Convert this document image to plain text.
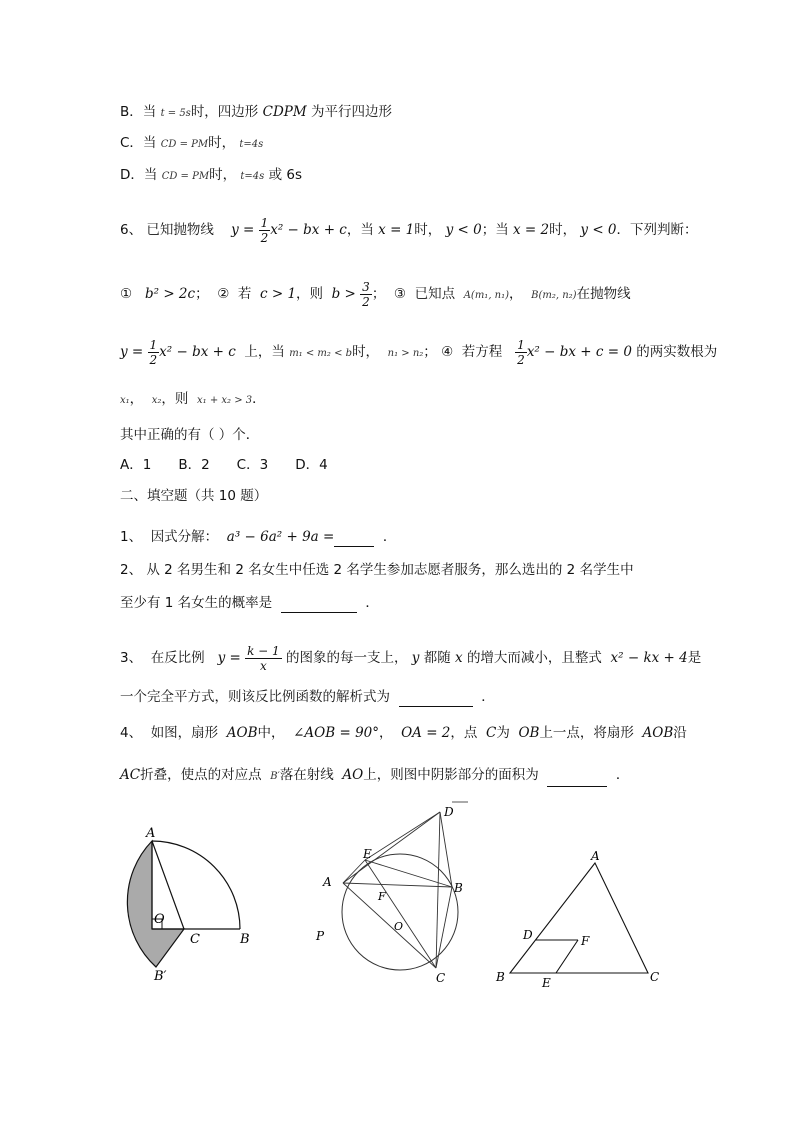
B．当 t = 5s时，四边形 CDPM 为平行四边形
C．当 CD = PM时， t=4s
D．当 CD = PM时， t=4s 或 6s
6、 已知抛物线 $y = \frac{1}{2} x^2$ − bx + c，当 x = 1时， y < 0；当 x = 2时， y < 0．下列判断：
① b² > 2c； ② 若 c > 1，则 $b > \frac{3}{2}$ ； ③ 已知点 A(m₁, n₁)， B(m₂, n₂)在抛物线
$y = \frac{1}{2} x^2$ − bx + c 上，当 m₁ < m₂ < b时， n₁ > n₂； ④ 若方程 $\frac{1}{2} x^2$ − bx + c = 0 的两实数根为
x₁， x₂，则 x₁ + x₂ > 3．
其中正确的有（ ）个．
A．1　　B．2　　C．3　　D．4
二、填空题（共 10 题）
1、 因式分解： a³ − 6a² + 9a =	．
2、 从 2 名男生和 2 名女生中任选 2 名学生参加志愿者服务，那么选出的 2 名学生中
至少有 1 名女生的概率是	．
3、 在反比例 $y = \frac{k - 1}{x}$ 的图象的每一支上， y 都随 x 的增大而减小，且整式 x² − kx + 4是
一个完全平方式，则该反比例函数的解析式为	．
4、 如图，扇形 AOB中， ∠AOB = 90°， OA = 2，点 C为 OB上一点，将扇形 AOB沿
AC折叠，使点的对应点 B′落在射线 AO上，则图中阴影部分的面积为	．
A
O
C	B
B′
D
E
A	B
F
O
P
C
A
D	F
B	E	C
